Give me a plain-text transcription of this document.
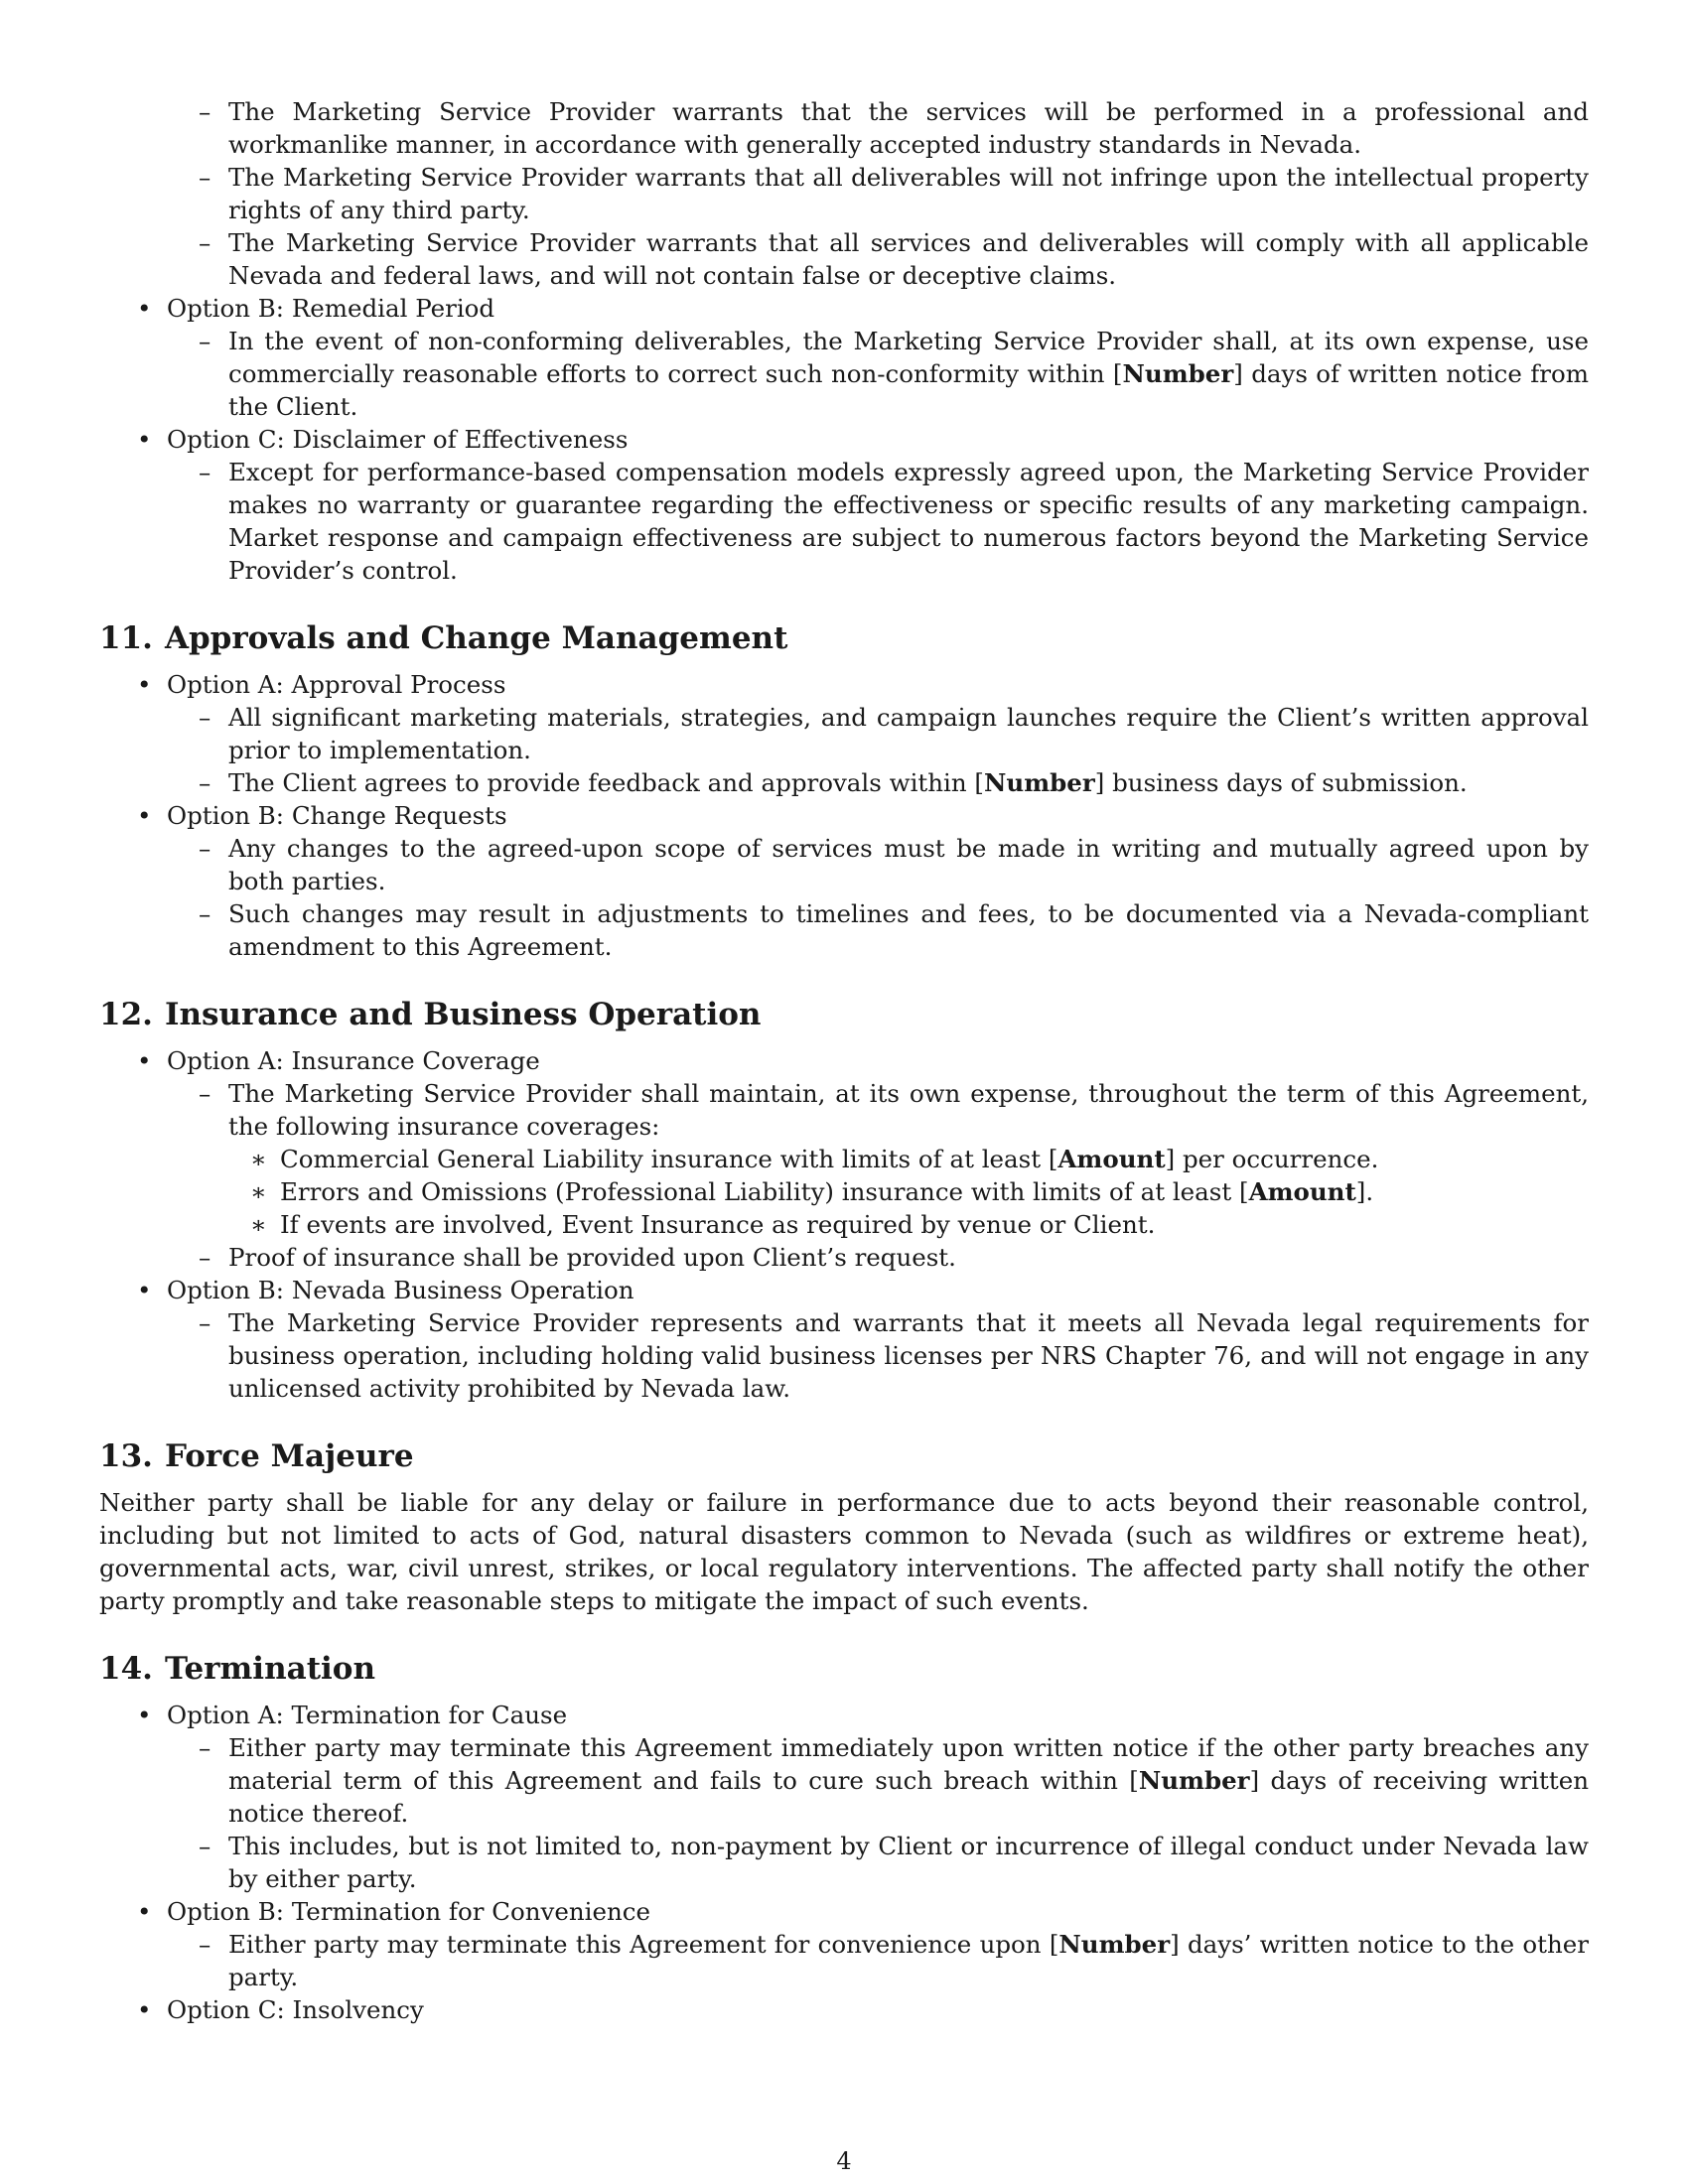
– The Marketing Service Provider warrants that the services will be performed in a professional and workmanlike manner, in accordance with generally accepted industry standards in Nevada.
– The Marketing Service Provider warrants that all deliverables will not infringe upon the intellectual property rights of any third party.
– The Marketing Service Provider warrants that all services and deliverables will comply with all applicable Nevada and federal laws, and will not contain false or deceptive claims.
• Option B: Remedial Period
– In the event of non-conforming deliverables, the Marketing Service Provider shall, at its own expense, use commercially reasonable efforts to correct such non-conformity within [Number] days of written notice from the Client.
• Option C: Disclaimer of Effectiveness
– Except for performance-based compensation models expressly agreed upon, the Marketing Service Provider makes no warranty or guarantee regarding the effectiveness or specific results of any marketing campaign. Market response and campaign effectiveness are subject to numerous factors beyond the Marketing Service Provider’s control.
11. Approvals and Change Management
• Option A: Approval Process
– All significant marketing materials, strategies, and campaign launches require the Client’s written approval prior to implementation.
– The Client agrees to provide feedback and approvals within [Number] business days of submission.
• Option B: Change Requests
– Any changes to the agreed-upon scope of services must be made in writing and mutually agreed upon by both parties.
– Such changes may result in adjustments to timelines and fees, to be documented via a Nevada-compliant amendment to this Agreement.
12. Insurance and Business Operation
• Option A: Insurance Coverage
– The Marketing Service Provider shall maintain, at its own expense, throughout the term of this Agreement, the following insurance coverages:
∗ Commercial General Liability insurance with limits of at least [Amount] per occurrence.
∗ Errors and Omissions (Professional Liability) insurance with limits of at least [Amount].
∗ If events are involved, Event Insurance as required by venue or Client.
– Proof of insurance shall be provided upon Client’s request.
• Option B: Nevada Business Operation
– The Marketing Service Provider represents and warrants that it meets all Nevada legal requirements for business operation, including holding valid business licenses per NRS Chapter 76, and will not engage in any unlicensed activity prohibited by Nevada law.
13. Force Majeure

Neither party shall be liable for any delay or failure in performance due to acts beyond their reasonable control, including but not limited to acts of God, natural disasters common to Nevada (such as wildfires or extreme heat), governmental acts, war, civil unrest, strikes, or local regulatory interventions. The affected party shall notify the other party promptly and take reasonable steps to mitigate the impact of such events.

14. Termination
• Option A: Termination for Cause
– Either party may terminate this Agreement immediately upon written notice if the other party breaches any material term of this Agreement and fails to cure such breach within [Number] days of receiving written notice thereof.
– This includes, but is not limited to, non-payment by Client or incurrence of illegal conduct under Nevada law by either party.
• Option B: Termination for Convenience
– Either party may terminate this Agreement for convenience upon [Number] days’ written notice to the other party.
• Option C: Insolvency
4
